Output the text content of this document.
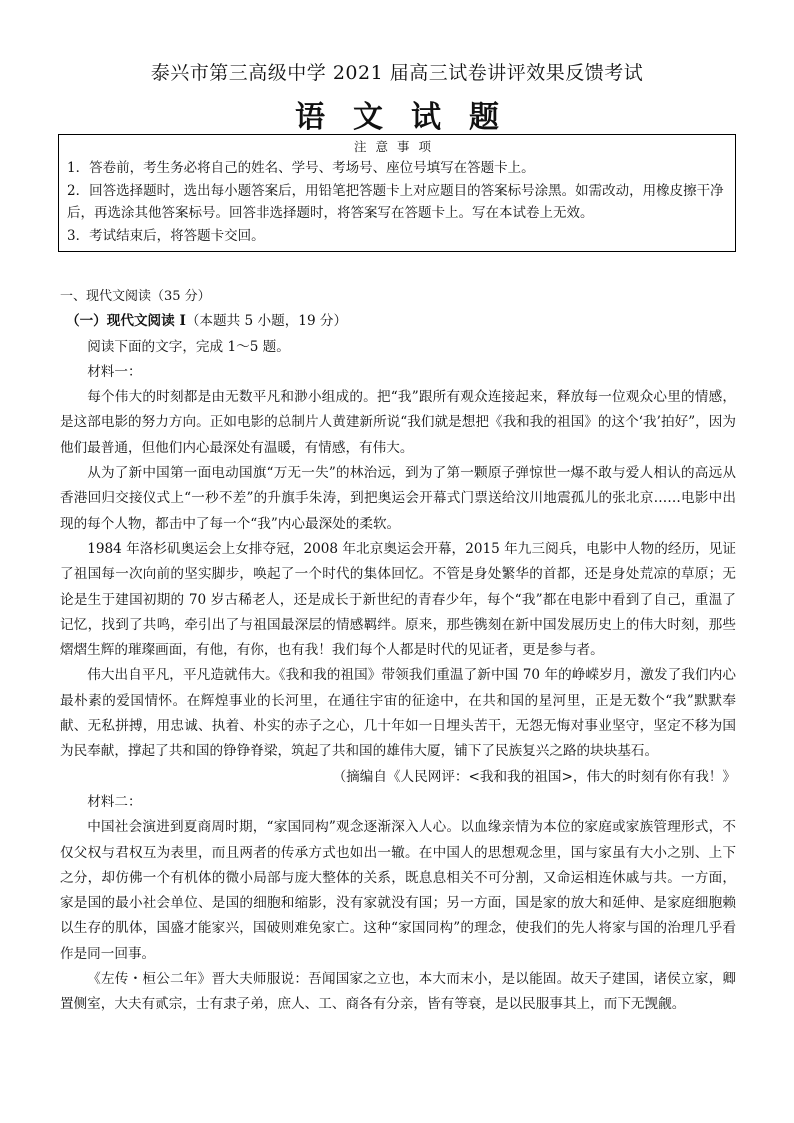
泰兴市第三高级中学 2021 届高三试卷讲评效果反馈考试
语文试题
注意事项

1．答卷前，考生务必将自己的姓名、学号、考场号、座位号填写在答题卡上。

2．回答选择题时，选出每小题答案后，用铅笔把答题卡上对应题目的答案标号涂黑。如需改动，用橡皮擦干净后，再选涂其他答案标号。回答非选择题时，将答案写在答题卡上。写在本试卷上无效。

3．考试结束后，将答题卡交回。

一、现代文阅读（35 分）

（一）现代文阅读 I（本题共 5 小题，19 分）

阅读下面的文字，完成 1～5 题。

材料一：

每个伟大的时刻都是由无数平凡和渺小组成的。把“我”跟所有观众连接起来，释放每一位观众心里的情感，是这部电影的努力方向。正如电影的总制片人黄建新所说“我们就是想把《我和我的祖国》的这个‘我’拍好”，因为他们最普通，但他们内心最深处有温暖，有情感，有伟大。

从为了新中国第一面电动国旗“万无一失”的林治远，到为了第一颗原子弹惊世一爆不敢与爱人相认的高远从香港回归交接仪式上“一秒不差”的升旗手朱涛，到把奥运会开幕式门票送给汶川地震孤儿的张北京……电影中出现的每个人物，都击中了每一个“我”内心最深处的柔软。

1984 年洛杉矶奥运会上女排夺冠，2008 年北京奥运会开幕，2015 年九三阅兵，电影中人物的经历，见证了祖国每一次向前的坚实脚步，唤起了一个时代的集体回忆。不管是身处繁华的首都，还是身处荒凉的草原；无论是生于建国初期的 70 岁古稀老人，还是成长于新世纪的青春少年，每个“我”都在电影中看到了自己，重温了记忆，找到了共鸣，牵引出了与祖国最深层的情感羁绊。原来，那些镌刻在新中国发展历史上的伟大时刻，那些熠熠生辉的璀璨画面，有他，有你，也有我！我们每个人都是时代的见证者，更是参与者。

伟大出自平凡，平凡造就伟大。《我和我的祖国》带领我们重温了新中国 70 年的峥嵘岁月，激发了我们内心最朴素的爱国情怀。在辉煌事业的长河里，在通往宇宙的征途中，在共和国的星河里，正是无数个“我”默默奉献、无私拼搏，用忠诚、执着、朴实的赤子之心，几十年如一日埋头苦干，无怨无悔对事业坚守，坚定不移为国为民奉献，撑起了共和国的铮铮脊梁，筑起了共和国的雄伟大厦，铺下了民族复兴之路的块块基石。

（摘编自《人民网评：<我和我的祖国>，伟大的时刻有你有我！》

材料二：

中国社会演进到夏商周时期，“家国同构”观念逐渐深入人心。以血缘亲情为本位的家庭或家族管理形式，不仅父权与君权互为表里，而且两者的传承方式也如出一辙。在中国人的思想观念里，国与家虽有大小之别、上下之分，却仿佛一个有机体的微小局部与庞大整体的关系，既息息相关不可分割，又命运相连休戚与共。一方面，家是国的最小社会单位、是国的细胞和缩影，没有家就没有国；另一方面，国是家的放大和延伸、是家庭细胞赖以生存的肌体，国盛才能家兴，国破则难免家亡。这种“家国同构”的理念，使我们的先人将家与国的治理几乎看作是同一回事。

《左传・桓公二年》晋大夫师服说：吾闻国家之立也，本大而末小，是以能固。故天子建国，诸侯立家，卿置侧室，大夫有贰宗，士有隶子弟，庶人、工、商各有分亲，皆有等衰，是以民服事其上，而下无觊觎。
